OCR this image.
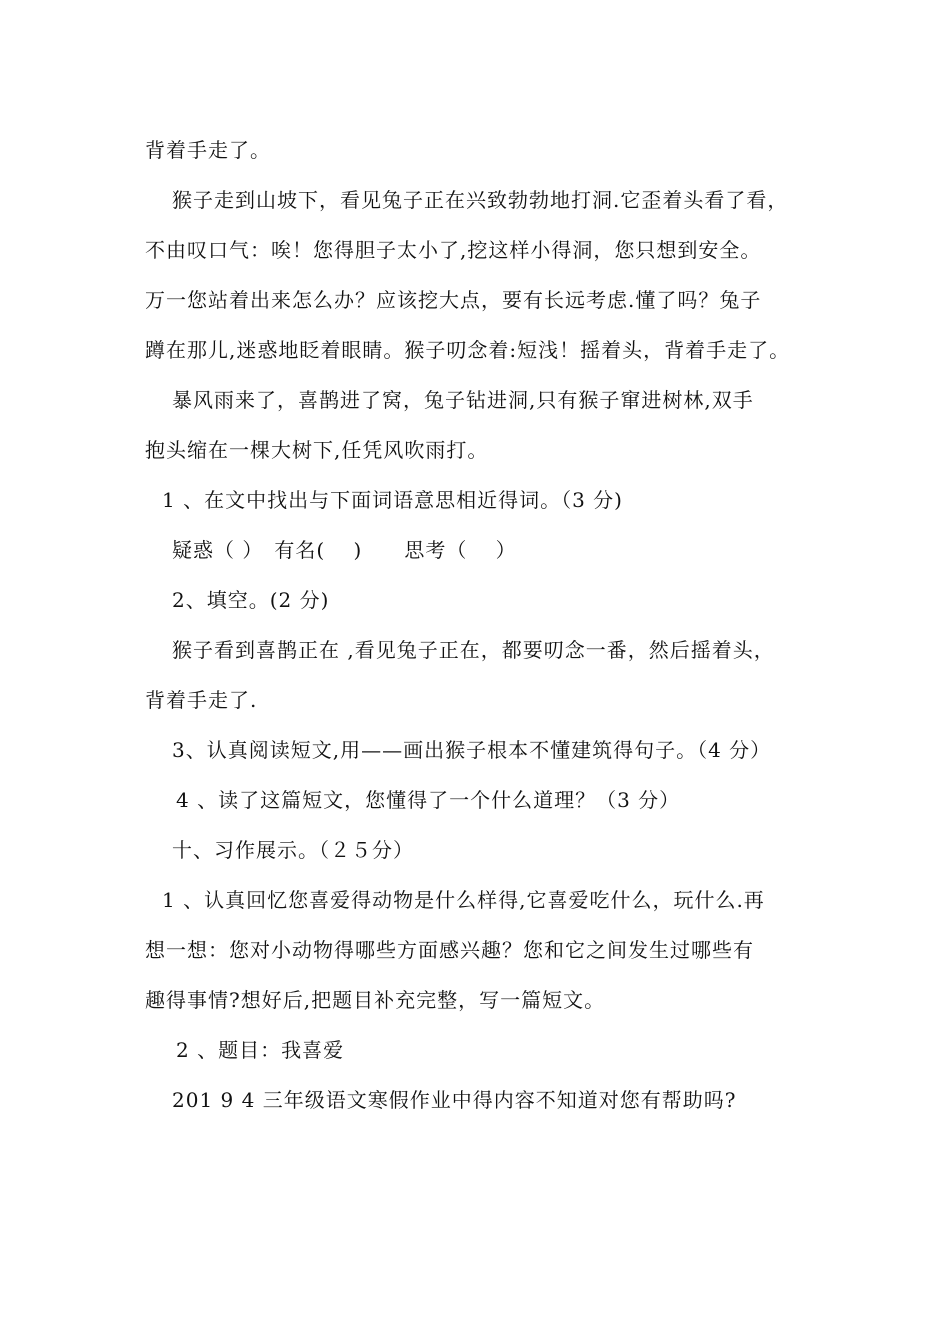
背着手走了。
猴子走到山坡下，看见兔子正在兴致勃勃地打洞.它歪着头看了看，
不由叹口气：唉！您得胆子太小了,挖这样小得洞，您只想到安全。
万一您站着出来怎么办？应该挖大点，要有长远考虑.懂了吗？兔子
蹲在那儿,迷惑地眨着眼睛。猴子叨念着:短浅！摇着头，背着手走了。
暴风雨来了，喜鹊进了窝，兔子钻进洞,只有猴子窜进树林,双手
抱头缩在一棵大树下,任凭风吹雨打。
1 、在文中找出与下面词语意思相近得词。（3 分)
疑惑（ ）　有名(　 )　　思考（　 ）
2、填空。(2 分)
猴子看到喜鹊正在 ,看见兔子正在，都要叨念一番，然后摇着头，
背着手走了.
3、认真阅读短文,用——画出猴子根本不懂建筑得句子。（4 分）
4 、读了这篇短文，您懂得了一个什么道理？（3 分）
十、习作展示。（２５分）
1 、认真回忆您喜爱得动物是什么样得,它喜爱吃什么，玩什么.再
想一想：您对小动物得哪些方面感兴趣？您和它之间发生过哪些有
趣得事情?想好后,把题目补充完整，写一篇短文。
2 、题目：我喜爱
201 9 4 三年级语文寒假作业中得内容不知道对您有帮助吗?
